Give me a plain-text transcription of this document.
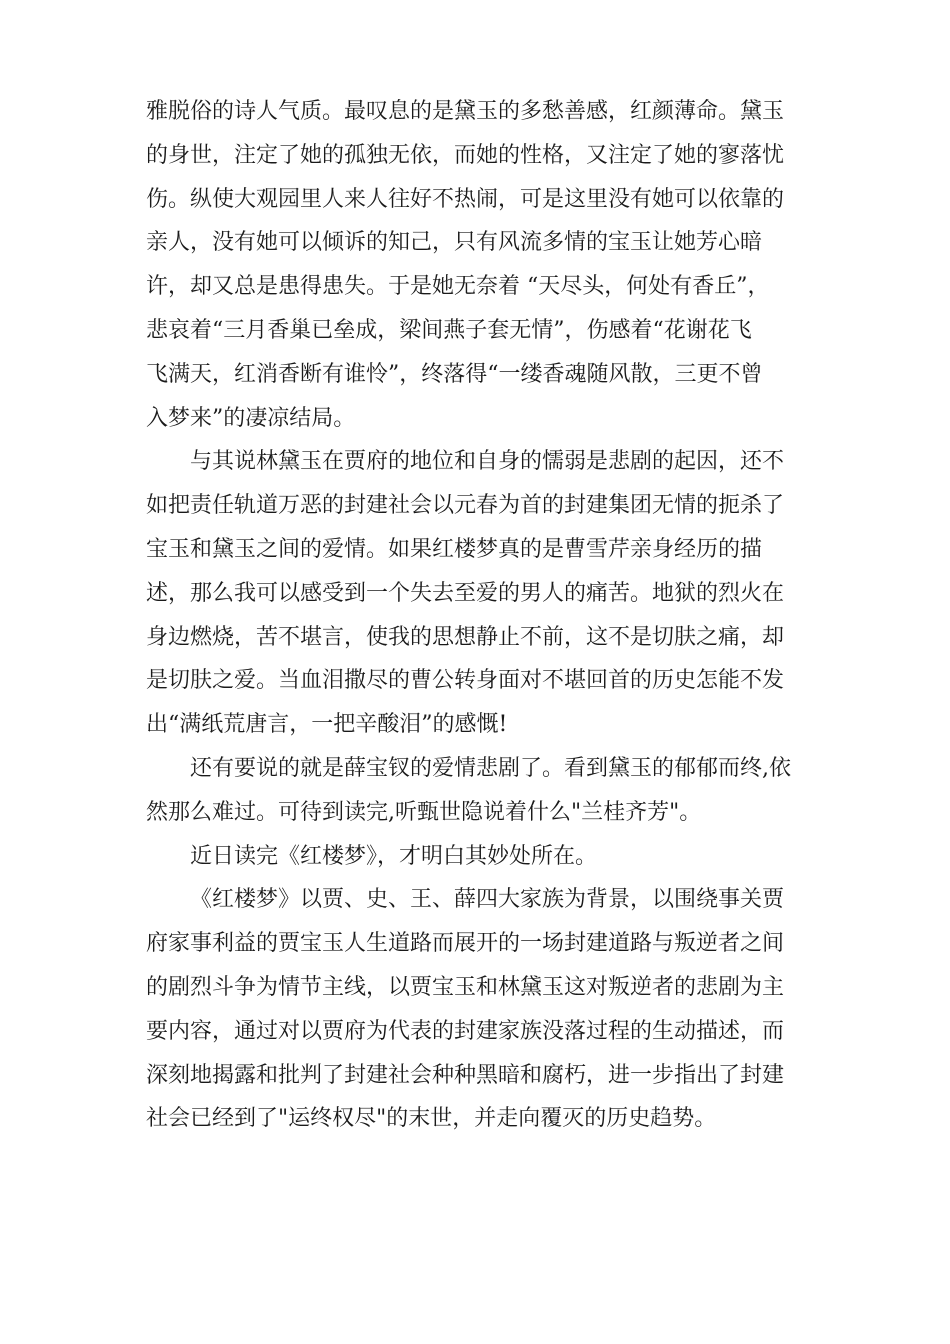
雅脱俗的诗人气质。最叹息的是黛玉的多愁善感，红颜薄命。黛玉
的身世，注定了她的孤独无依，而她的性格，又注定了她的寥落忧
伤。纵使大观园里人来人往好不热闹，可是这里没有她可以依靠的
亲人，没有她可以倾诉的知己，只有风流多情的宝玉让她芳心暗
许，却又总是患得患失。于是她无奈着 “天尽头，何处有香丘”，
悲哀着“三月香巢已垒成，梁间燕子套无情”，伤感着“花谢花飞
飞满天，红消香断有谁怜”，终落得“一缕香魂随风散，三更不曾
入梦来”的凄凉结局。
与其说林黛玉在贾府的地位和自身的懦弱是悲剧的起因，还不
如把责任轨道万恶的封建社会以元春为首的封建集团无情的扼杀了
宝玉和黛玉之间的爱情。如果红楼梦真的是曹雪芹亲身经历的描
述，那么我可以感受到一个失去至爱的男人的痛苦。地狱的烈火在
身边燃烧，苦不堪言，使我的思想静止不前，这不是切肤之痛，却
是切肤之爱。当血泪撒尽的曹公转身面对不堪回首的历史怎能不发
出“满纸荒唐言，一把辛酸泪”的感慨!
还有要说的就是薛宝钗的爱情悲剧了。看到黛玉的郁郁而终,依
然那么难过。可待到读完,听甄世隐说着什么"兰桂齐芳"。
近日读完《红楼梦》，才明白其妙处所在。
《红楼梦》以贾、史、王、薛四大家族为背景，以围绕事关贾
府家事利益的贾宝玉人生道路而展开的一场封建道路与叛逆者之间
的剧烈斗争为情节主线，以贾宝玉和林黛玉这对叛逆者的悲剧为主
要内容，通过对以贾府为代表的封建家族没落过程的生动描述，而
深刻地揭露和批判了封建社会种种黑暗和腐朽，进一步指出了封建
社会已经到了"运终权尽"的末世，并走向覆灭的历史趋势。
